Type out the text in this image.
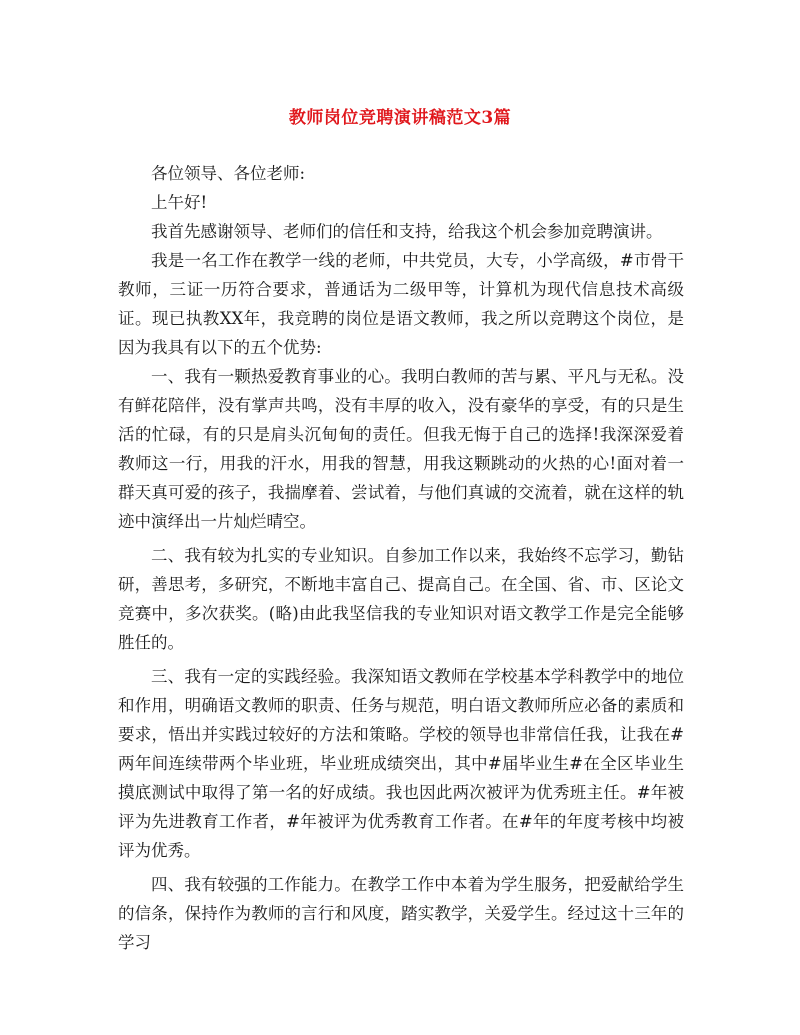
教师岗位竞聘演讲稿范文3篇

各位领导、各位老师:

上午好!

我首先感谢领导、老师们的信任和支持，给我这个机会参加竞聘演讲。

我是一名工作在教学一线的老师，中共党员，大专，小学高级，#市骨干教师，三证一历符合要求，普通话为二级甲等，计算机为现代信息技术高级证。现已执教XX年，我竞聘的岗位是语文教师，我之所以竞聘这个岗位，是因为我具有以下的五个优势:

一、我有一颗热爱教育事业的心。我明白教师的苦与累、平凡与无私。没有鲜花陪伴，没有掌声共鸣，没有丰厚的收入，没有豪华的享受，有的只是生活的忙碌，有的只是肩头沉甸甸的责任。但我无悔于自己的选择!我深深爱着教师这一行，用我的汗水，用我的智慧，用我这颗跳动的火热的心!面对着一群天真可爱的孩子，我揣摩着、尝试着，与他们真诚的交流着，就在这样的轨迹中演绎出一片灿烂晴空。

二、我有较为扎实的专业知识。自参加工作以来，我始终不忘学习，勤钻研，善思考，多研究，不断地丰富自己、提高自己。在全国、省、市、区论文竞赛中，多次获奖。(略)由此我坚信我的专业知识对语文教学工作是完全能够胜任的。

三、我有一定的实践经验。我深知语文教师在学校基本学科教学中的地位和作用，明确语文教师的职责、任务与规范，明白语文教师所应必备的素质和要求，悟出并实践过较好的方法和策略。学校的领导也非常信任我，让我在#两年间连续带两个毕业班，毕业班成绩突出，其中#届毕业生#在全区毕业生摸底测试中取得了第一名的好成绩。我也因此两次被评为优秀班主任。#年被评为先进教育工作者，#年被评为优秀教育工作者。在#年的年度考核中均被评为优秀。

四、我有较强的工作能力。在教学工作中本着为学生服务，把爱献给学生的信条，保持作为教师的言行和风度，踏实教学，关爱学生。经过这十三年的学习
